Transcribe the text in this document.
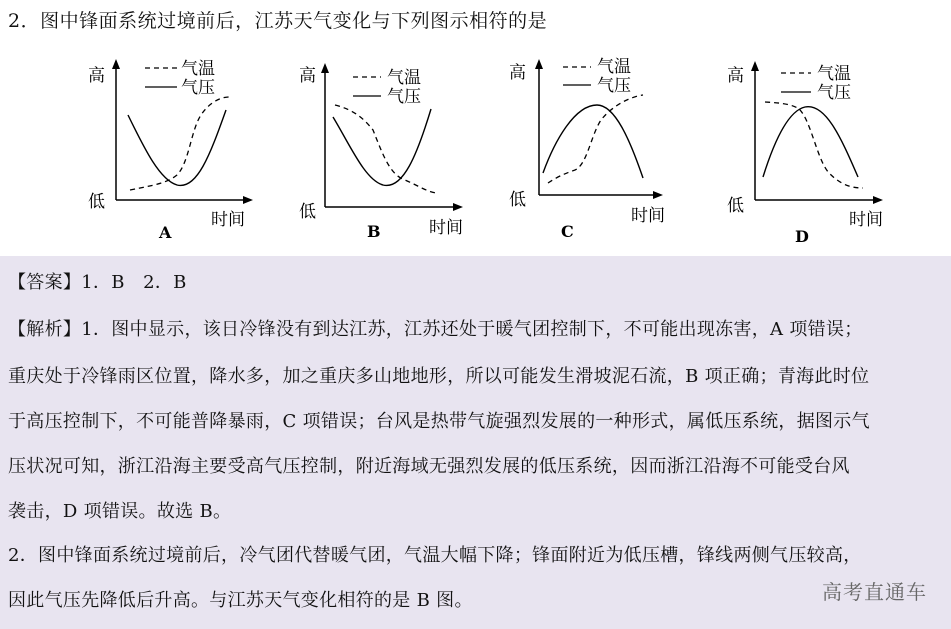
2．图中锋面系统过境前后，江苏天气变化与下列图示相符的是
高
低
时间
气温
气压
A
高
低
时间
气温
气压
B
高
低
时间
气温
气压
C
高
低
时间
气温
气压
D
【答案】1．B　2．B
【解析】1．图中显示，该日冷锋没有到达江苏，江苏还处于暖气团控制下，不可能出现冻害，A 项错误；
重庆处于冷锋雨区位置，降水多，加之重庆多山地地形，所以可能发生滑坡泥石流，B 项正确；青海此时位
于高压控制下，不可能普降暴雨，C 项错误；台风是热带气旋强烈发展的一种形式，属低压系统，据图示气
压状况可知，浙江沿海主要受高气压控制，附近海域无强烈发展的低压系统，因而浙江沿海不可能受台风
袭击，D 项错误。故选 B。
2．图中锋面系统过境前后，冷气团代替暖气团，气温大幅下降；锋面附近为低压槽，锋线两侧气压较高，
因此气压先降低后升高。与江苏天气变化相符的是 B 图。	高考直通车
